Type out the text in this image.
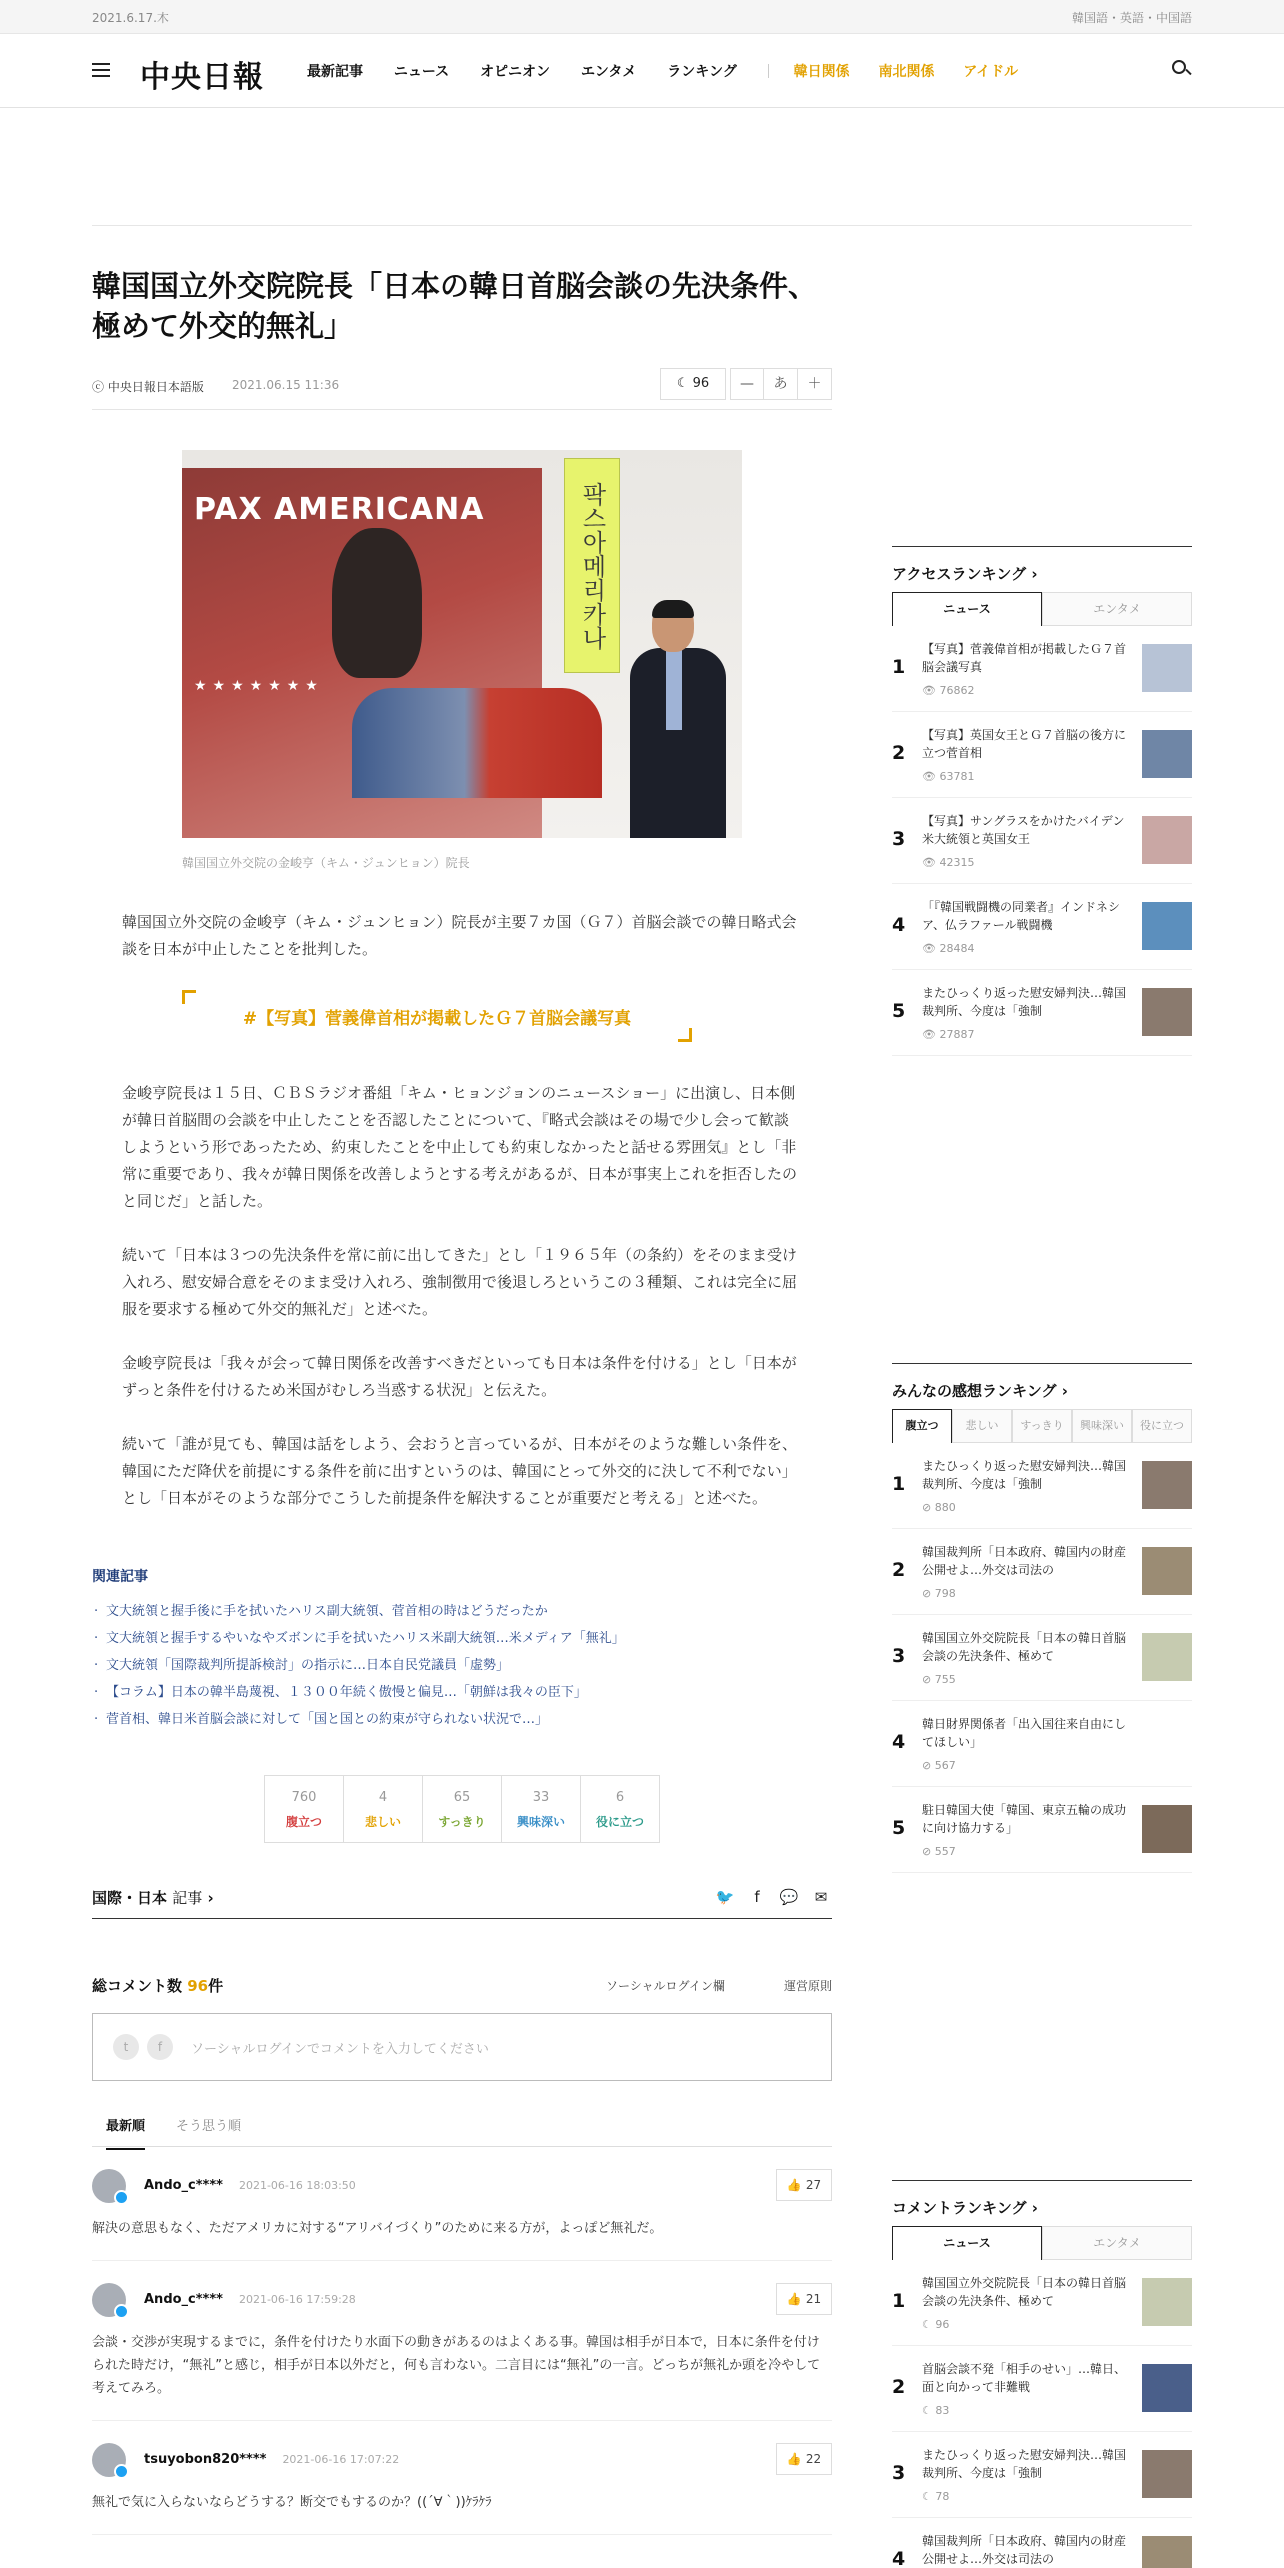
2021.6.17.木	韓国語・英語・中国語
中央日報	最新記事 ニュース オピニオン エンタメ ランキング	韓日関係 南北関係 アイドル
韓国国立外交院院長「日本の韓日首脳会談の先決条件、極めて外交的無礼」
ⓒ 中央日報日本語版 2021.06.15 11:36	☾ 96	—	あ	＋
PAX AMERICANA
★★★★★★★
팍스아메리카나
韓国国立外交院の金峻亨（キム・ジュンヒョン）院長

韓国国立外交院の金峻亨（キム・ジュンヒョン）院長が主要７カ国（Ｇ７）首脳会談での韓日略式会談を日本が中止したことを批判した。

#【写真】菅義偉首相が掲載したＧ７首脳会議写真

金峻亨院長は１５日、ＣＢＳラジオ番組「キム・ヒョンジョンのニュースショー」に出演し、日本側が韓日首脳間の会談を中止したことを否認したことについて、『略式会談はその場で少し会って歓談しようという形であったため、約束したことを中止しても約束しなかったと話せる雰囲気』とし「非常に重要であり、我々が韓日関係を改善しようとする考えがあるが、日本が事実上これを拒否したのと同じだ」と話した。

続いて「日本は３つの先決条件を常に前に出してきた」とし「１９６５年（の条約）をそのまま受け入れろ、慰安婦合意をそのまま受け入れろ、強制徴用で後退しろというこの３種類、これは完全に屈服を要求する極めて外交的無礼だ」と述べた。

金峻亨院長は「我々が会って韓日関係を改善すべきだといっても日本は条件を付ける」とし「日本がずっと条件を付けるため米国がむしろ当惑する状況」と伝えた。

続いて「誰が見ても、韓国は話をしよう、会おうと言っているが、日本がそのような難しい条件を、韓国にただ降伏を前提にする条件を前に出すというのは、韓国にとって外交的に決して不利でない」とし「日本がそのような部分でこうした前提条件を解決することが重要だと考える」と述べた。

関連記事
· 文大統領と握手後に手を拭いたハリス副大統領、菅首相の時はどうだったか
· 文大統領と握手するやいなやズボンに手を拭いたハリス米副大統領…米メディア「無礼」
· 文大統領「国際裁判所提訴検討」の指示に…日本自民党議員「虚勢」
· 【コラム】日本の韓半島蔑視、１３００年続く傲慢と偏見…「朝鮮は我々の臣下」
· 菅首相、韓日米首脳会談に対して「国と国との約束が守られない状況で…」
760
腹立つ
4
悲しい
65
すっきり
33
興味深い
6
役に立つ
国際・日本 記事 ›	🐦	f	💬	✉
総コメント数 96件	ソーシャルログイン欄	運営原則
t	f	ソーシャルログインでコメントを入力してください
最新順 そう思う順
Ando_c**** 2021-06-16 18:03:50	👍 27
解決の意思もなく、ただアメリカに対する“アリバイづくり”のために来る方が，よっぽど無礼だ。
Ando_c**** 2021-06-16 17:59:28	👍 21
会談・交渉が実現するまでに，条件を付けたり水面下の動きがあるのはよくある事。韓国は相手が日本で，日本に条件を付けられた時だけ，“無礼”と感じ，相手が日本以外だと，何も言わない。二言目には“無礼”の一言。どっちが無礼か頭を冷やして考えてみろ。
tsuyobon820**** 2021-06-16 17:07:22	👍 22
無礼で気に入らないならどうする？断交でもするのか？((´∀｀))ｹﾗｹﾗ
アクセスランキング ›
ニュース	エンタメ
1
【写真】菅義偉首相が掲載したＧ７首脳会議写真
👁 76862
2
【写真】英国女王とＧ７首脳の後方に立つ菅首相
👁 63781
3
【写真】サングラスをかけたバイデン米大統領と英国女王
👁 42315
4
「『韓国戦闘機の同業者』インドネシア、仏ラファール戦闘機
👁 28484
5
またひっくり返った慰安婦判決…韓国裁判所、今度は「強制
👁 27887
みんなの感想ランキング ›
腹立つ	悲しい	すっきり	興味深い	役に立つ
1
またひっくり返った慰安婦判決…韓国裁判所、今度は「強制
⊘ 880
2
韓国裁判所「日本政府、韓国内の財産公開せよ…外交は司法の
⊘ 798
3
韓国国立外交院院長「日本の韓日首脳会談の先決条件、極めて
⊘ 755
4
韓日財界関係者「出入国往来自由にしてほしい」
⊘ 567
5
駐日韓国大使「韓国、東京五輪の成功に向け協力する」
⊘ 557
コメントランキング ›
ニュース	エンタメ
1
韓国国立外交院院長「日本の韓日首脳会談の先決条件、極めて
☾ 96
2
首脳会談不発「相手のせい」…韓日、面と向かって非難戦
☾ 83
3
またひっくり返った慰安婦判決…韓国裁判所、今度は「強制
☾ 78
4
韓国裁判所「日本政府、韓国内の財産公開せよ…外交は司法の
